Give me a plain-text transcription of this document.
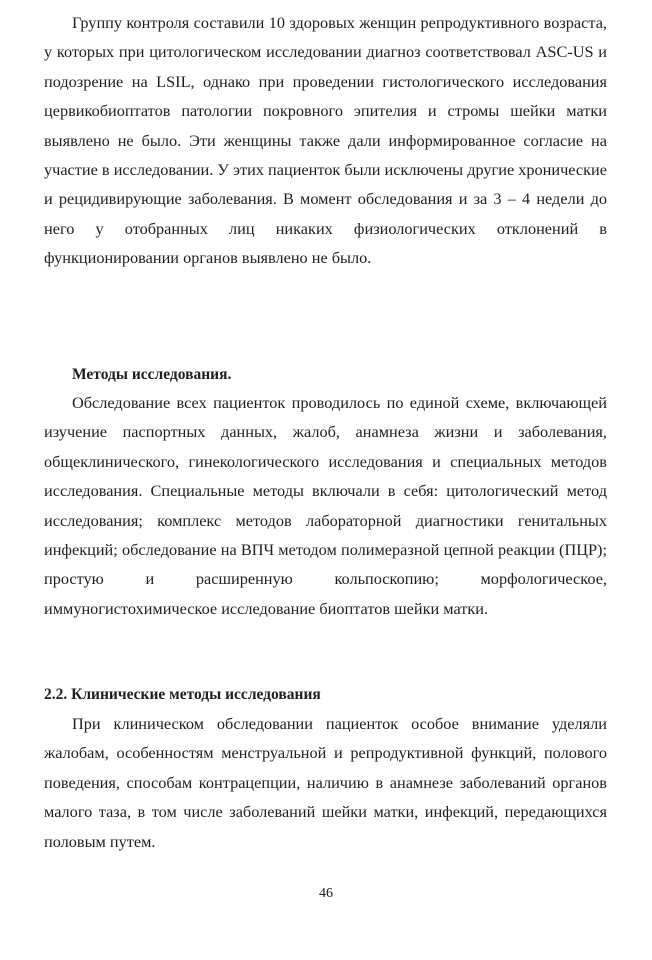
Группу контроля составили 10 здоровых женщин репродуктивного возраста, у которых при цитологическом исследовании диагноз соответствовал ASC-US и подозрение на LSIL, однако при проведении гистологического исследования цервикобиоптатов патологии покровного эпителия и стромы шейки матки выявлено не было. Эти женщины также дали информированное согласие на участие в исследовании. У этих пациенток были исключены другие хронические и рецидивирующие заболевания. В момент обследования и за 3 – 4 недели до него у отобранных лиц никаких физиологических отклонений в функционировании органов выявлено не было.

Методы исследования.

Обследование всех пациенток проводилось по единой схеме, включающей изучение паспортных данных, жалоб, анамнеза жизни и заболевания, общеклинического, гинекологического исследования и специальных методов исследования. Специальные методы включали в себя: цитологический метод исследования; комплекс методов лабораторной диагностики генитальных инфекций; обследование на ВПЧ методом полимеразной цепной реакции (ПЦР); простую и расширенную кольпоскопию; морфологическое, иммуногистохимическое исследование биоптатов шейки матки.

2.2. Клинические методы исследования

При клиническом обследовании пациенток особое внимание уделяли жалобам, особенностям менструальной и репродуктивной функций, полового поведения, способам контрацепции, наличию в анамнезе заболеваний органов малого таза, в том числе заболеваний шейки матки, инфекций, передающихся половым путем.

46
